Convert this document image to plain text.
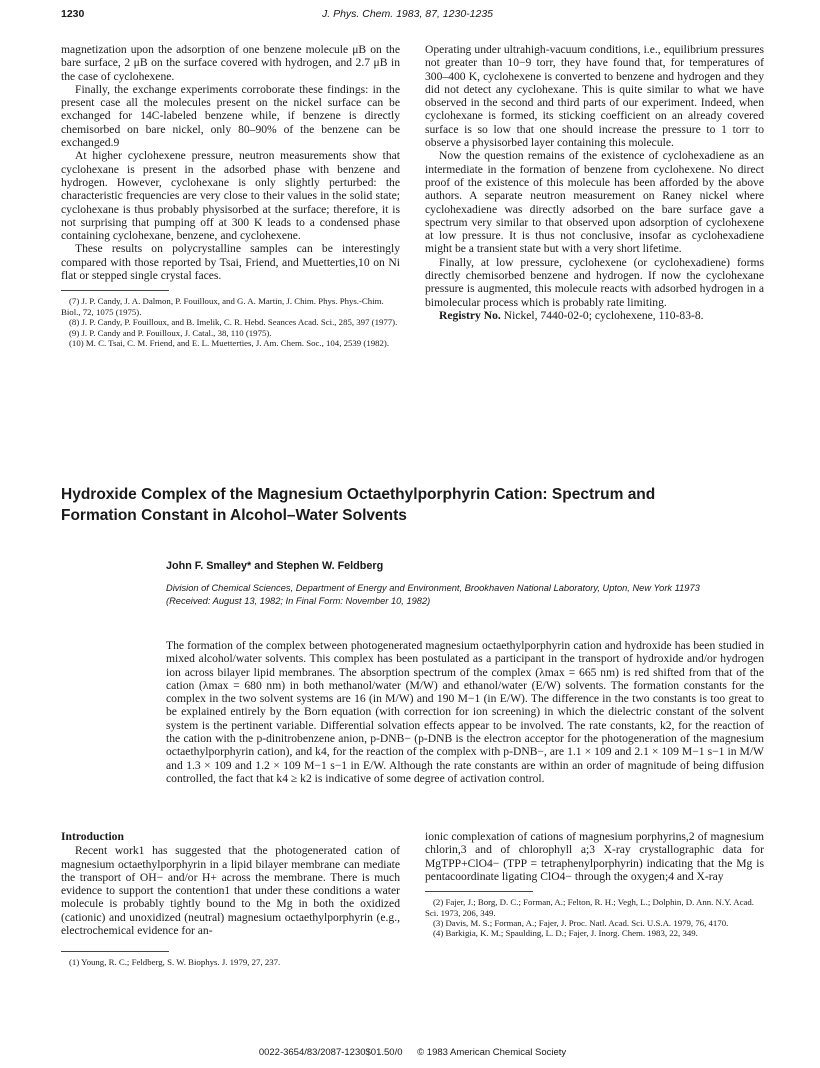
1230	J. Phys. Chem. 1983, 87, 1230-1235

magnetization upon the adsorption of one benzene molecule μB on the bare surface, 2 μB on the surface covered with hydrogen, and 2.7 μB in the case of cyclohexene.

Finally, the exchange experiments corroborate these findings: in the present case all the molecules present on the nickel surface can be exchanged for 14C-labeled benzene while, if benzene is directly chemisorbed on bare nickel, only 80–90% of the benzene can be exchanged.9

At higher cyclohexene pressure, neutron measurements show that cyclohexane is present in the adsorbed phase with benzene and hydrogen. However, cyclohexane is only slightly perturbed: the characteristic frequencies are very close to their values in the solid state; cyclohexane is thus probably physisorbed at the surface; therefore, it is not surprising that pumping off at 300 K leads to a condensed phase containing cyclohexane, benzene, and cyclohexene.

These results on polycrystalline samples can be interestingly compared with those reported by Tsai, Friend, and Muetterties,10 on Ni flat or stepped single crystal faces.

(7) J. P. Candy, J. A. Dalmon, P. Fouilloux, and G. A. Martin, J. Chim. Phys. Phys.-Chim. Biol., 72, 1075 (1975).
(8) J. P. Candy, P. Fouilloux, and B. Imelik, C. R. Hebd. Seances Acad. Sci., 285, 397 (1977).
(9) J. P. Candy and P. Fouilloux, J. Catal., 38, 110 (1975).
(10) M. C. Tsai, C. M. Friend, and E. L. Muetterties, J. Am. Chem. Soc., 104, 2539 (1982).

Operating under ultrahigh-vacuum conditions, i.e., equilibrium pressures not greater than 10−9 torr, they have found that, for temperatures of 300–400 K, cyclohexene is converted to benzene and hydrogen and they did not detect any cyclohexane. This is quite similar to what we have observed in the second and third parts of our experiment. Indeed, when cyclohexane is formed, its sticking coefficient on an already covered surface is so low that one should increase the pressure to 1 torr to observe a physisorbed layer containing this molecule.

Now the question remains of the existence of cyclohexadiene as an intermediate in the formation of benzene from cyclohexene. No direct proof of the existence of this molecule has been afforded by the above authors. A separate neutron measurement on Raney nickel where cyclohexadiene was directly adsorbed on the bare surface gave a spectrum very similar to that observed upon adsorption of cyclohexene at low pressure. It is thus not conclusive, insofar as cyclohexadiene might be a transient state but with a very short lifetime.

Finally, at low pressure, cyclohexene (or cyclohexadiene) forms directly chemisorbed benzene and hydrogen. If now the cyclohexane pressure is augmented, this molecule reacts with adsorbed hydrogen in a bimolecular process which is probably rate limiting.

Registry No. Nickel, 7440-02-0; cyclohexene, 110-83-8.

Hydroxide Complex of the Magnesium Octaethylporphyrin Cation: Spectrum and
Formation Constant in Alcohol–Water Solvents
John F. Smalley* and Stephen W. Feldberg
Division of Chemical Sciences, Department of Energy and Environment, Brookhaven National Laboratory, Upton, New York 11973
(Received: August 13, 1982; In Final Form: November 10, 1982)
The formation of the complex between photogenerated magnesium octaethylporphyrin cation and hydroxide has been studied in mixed alcohol/water solvents. This complex has been postulated as a participant in the transport of hydroxide and/or hydrogen ion across bilayer lipid membranes. The absorption spectrum of the complex (λmax = 665 nm) is red shifted from that of the cation (λmax = 680 nm) in both methanol/water (M/W) and ethanol/water (E/W) solvents. The formation constants for the complex in the two solvent systems are 16 (in M/W) and 190 M−1 (in E/W). The difference in the two constants is too great to be explained entirely by the Born equation (with correction for ion screening) in which the dielectric constant of the solvent system is the pertinent variable. Differential solvation effects appear to be involved. The rate constants, k2, for the reaction of the cation with the p-dinitrobenzene anion, p-DNB− (p-DNB is the electron acceptor for the photogeneration of the magnesium octaethylporphyrin cation), and k4, for the reaction of the complex with p-DNB−, are 1.1 × 109 and 2.1 × 109 M−1 s−1 in M/W and 1.3 × 109 and 1.2 × 109 M−1 s−1 in E/W. Although the rate constants are within an order of magnitude of being diffusion controlled, the fact that k4 ≥ k2 is indicative of some degree of activation control.
Introduction

Recent work1 has suggested that the photogenerated cation of magnesium octaethylporphyrin in a lipid bilayer membrane can mediate the transport of OH− and/or H+ across the membrane. There is much evidence to support the contention1 that under these conditions a water molecule is probably tightly bound to the Mg in both the oxidized (cationic) and unoxidized (neutral) magnesium octaethylporphyrin (e.g., electrochemical evidence for an-

(1) Young, R. C.; Feldberg, S. W. Biophys. J. 1979, 27, 237.

ionic complexation of cations of magnesium porphyrins,2 of magnesium chlorin,3 and of chlorophyll a;3 X-ray crystallographic data for MgTPP+ClO4− (TPP = tetraphenylporphyrin) indicating that the Mg is pentacoordinate ligating ClO4− through the oxygen;4 and X-ray

(2) Fajer, J.; Borg, D. C.; Forman, A.; Felton, R. H.; Vegh, L.; Dolphin, D. Ann. N.Y. Acad. Sci. 1973, 206, 349.
(3) Davis, M. S.; Forman, A.; Fajer, J. Proc. Natl. Acad. Sci. U.S.A. 1979, 76, 4170.
(4) Barkigia, K. M.; Spaulding, L. D.; Fajer, J. Inorg. Chem. 1983, 22, 349.
0022-3654/83/2087-1230$01.50/0 © 1983 American Chemical Society
